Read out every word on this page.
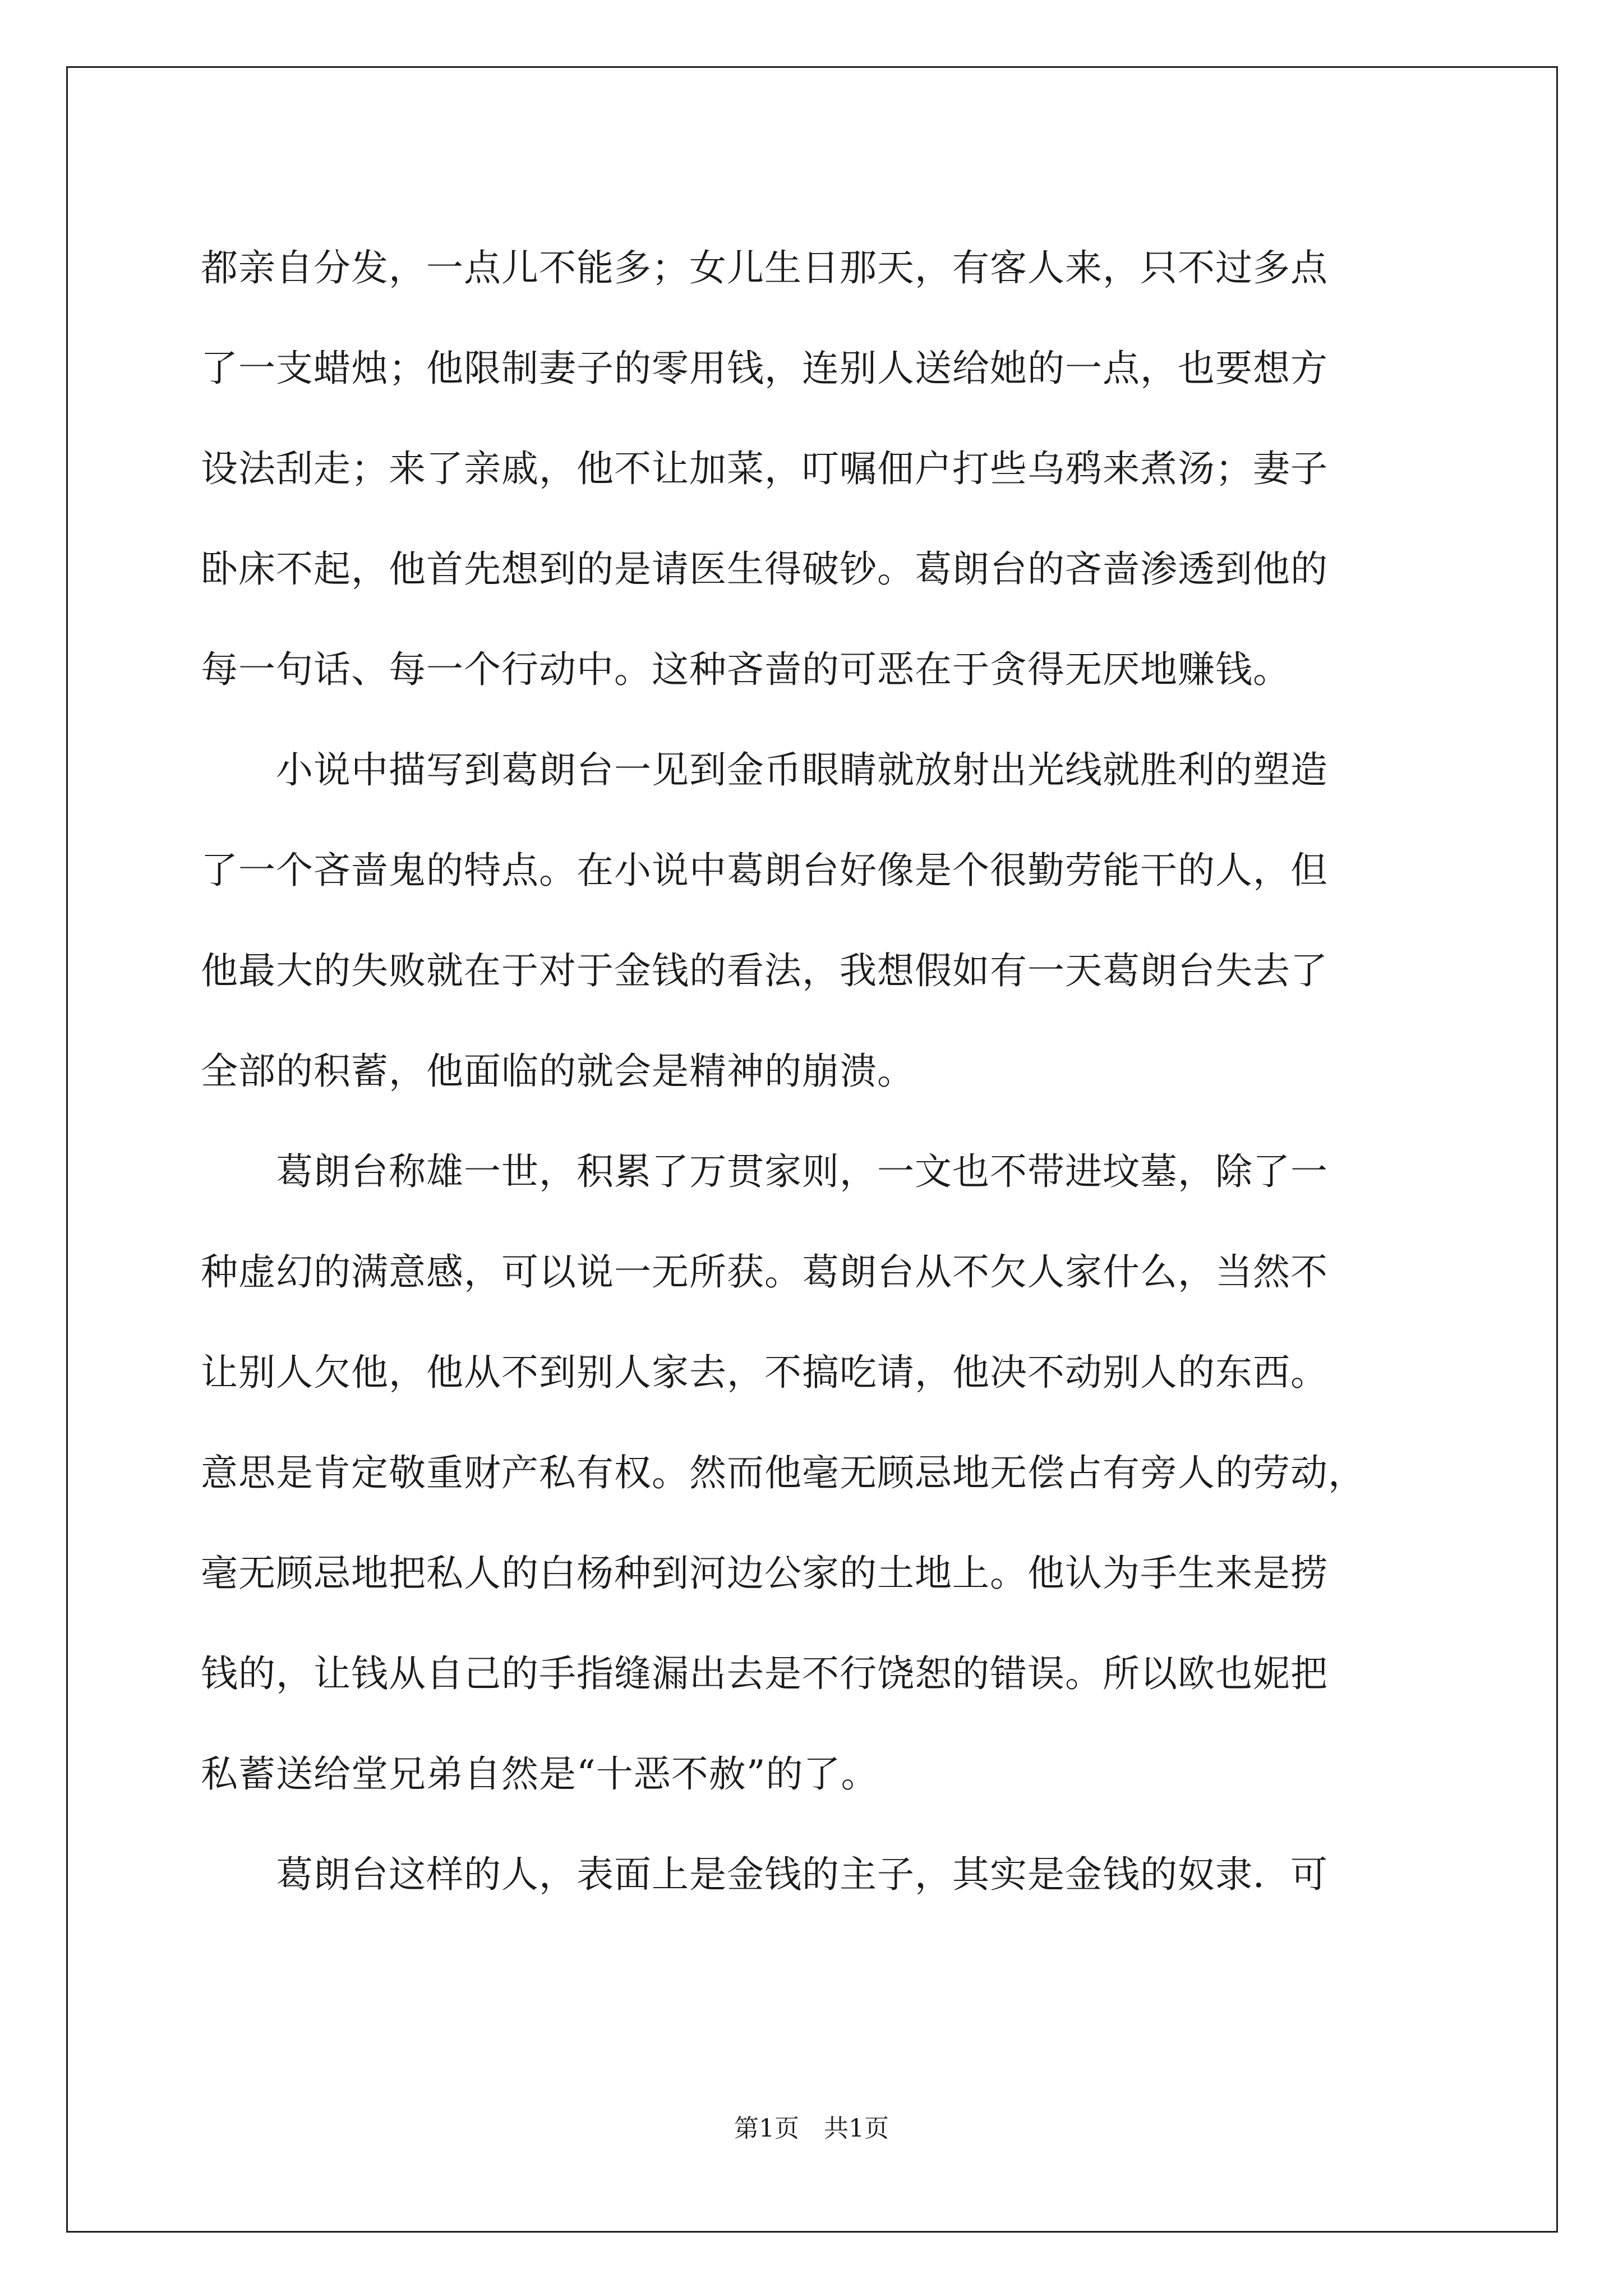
都亲自分发，一点儿不能多；女儿生日那天，有客人来，只不过多点
了一支蜡烛；他限制妻子的零用钱，连别人送给她的一点，也要想方
设法刮走；来了亲戚，他不让加菜，叮嘱佃户打些乌鸦来煮汤；妻子
卧床不起，他首先想到的是请医生得破钞。葛朗台的吝啬渗透到他的
每一句话、每一个行动中。这种吝啬的可恶在于贪得无厌地赚钱。
　　小说中描写到葛朗台一见到金币眼睛就放射出光线就胜利的塑造
了一个吝啬鬼的特点。在小说中葛朗台好像是个很勤劳能干的人，但
他最大的失败就在于对于金钱的看法，我想假如有一天葛朗台失去了
全部的积蓄，他面临的就会是精神的崩溃。
　　葛朗台称雄一世，积累了万贯家则，一文也不带进坟墓，除了一
种虚幻的满意感，可以说一无所获。葛朗台从不欠人家什么，当然不
让别人欠他，他从不到别人家去，不搞吃请，他决不动别人的东西。
意思是肯定敬重财产私有权。然而他毫无顾忌地无偿占有旁人的劳动，
毫无顾忌地把私人的白杨种到河边公家的土地上。他认为手生来是捞
钱的，让钱从自己的手指缝漏出去是不行饶恕的错误。所以欧也妮把
私蓄送给堂兄弟自然是“十恶不赦”的了。
　　葛朗台这样的人，表面上是金钱的主子，其实是金钱的奴隶．可
第1页　共1页
